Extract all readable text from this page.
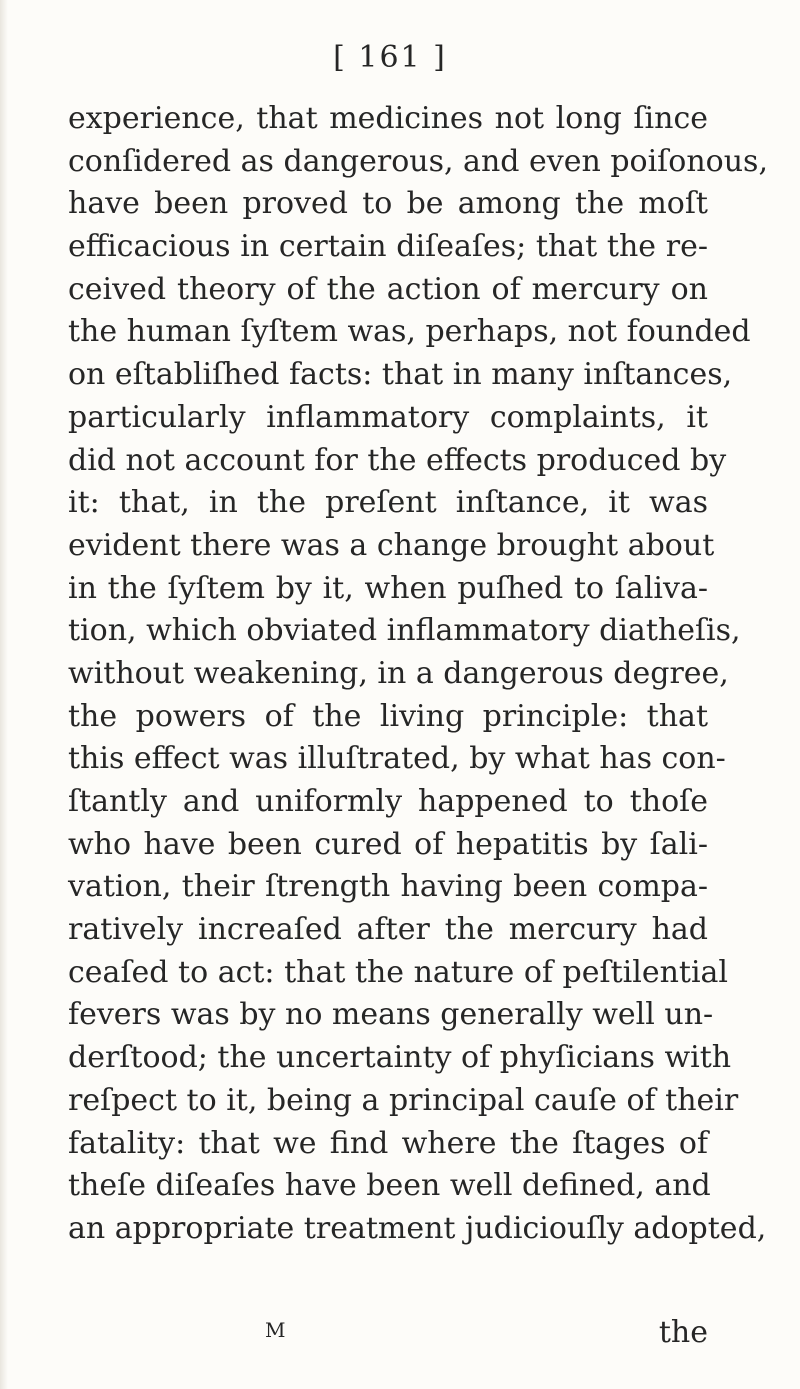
[ 161 ]
experience, that medicines not long ſince
conſidered as dangerous, and even poiſonous,
have been proved to be among the moſt
efficacious in certain diſeaſes; that the re-
ceived theory of the action of mercury on
the human ſyſtem was, perhaps, not founded
on eſtabliſhed facts: that in many inſtances,
particularly inflammatory complaints, it
did not account for the effects produced by
it: that, in the preſent inſtance, it was
evident there was a change brought about
in the ſyſtem by it, when puſhed to ſaliva-
tion, which obviated inflammatory diatheſis,
without weakening, in a dangerous degree,
the powers of the living principle: that
this effect was illuſtrated, by what has con-
ſtantly and uniformly happened to thoſe
who have been cured of hepatitis by ſali-
vation, their ſtrength having been compa-
ratively increaſed after the mercury had
ceaſed to act: that the nature of peſtilential
fevers was by no means generally well un-
derſtood; the uncertainty of phyſicians with
reſpect to it, being a principal cauſe of their
fatality: that we find where the ſtages of
theſe diſeaſes have been well defined, and
an appropriate treatment judiciouſly adopted,
the
M
